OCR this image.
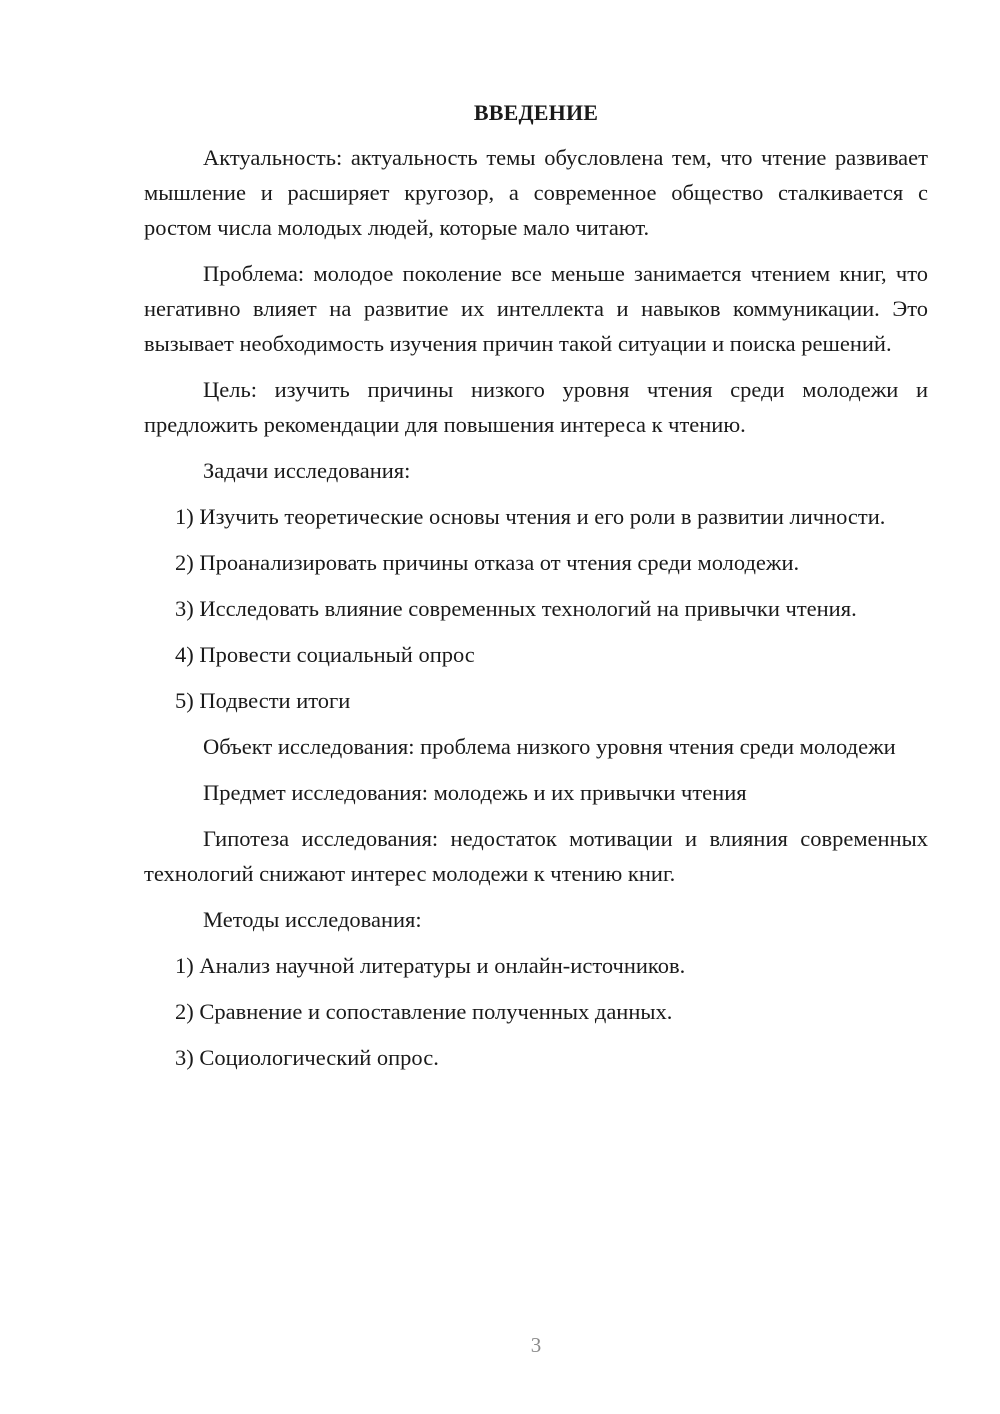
ВВЕДЕНИЕ

Актуальность: актуальность темы обусловлена тем, что чтение развивает мышление и расширяет кругозор, а современное общество сталкивается с ростом числа молодых людей, которые мало читают.

Проблема: молодое поколение все меньше занимается чтением книг, что негативно влияет на развитие их интеллекта и навыков коммуникации. Это вызывает необходимость изучения причин такой ситуации и поиска решений.

Цель: изучить причины низкого уровня чтения среди молодежи и предложить рекомендации для повышения интереса к чтению.

Задачи исследования:

1) Изучить теоретические основы чтения и его роли в развитии личности.

2) Проанализировать причины отказа от чтения среди молодежи.

3) Исследовать влияние современных технологий на привычки чтения.

4) Провести социальный опрос

5) Подвести итоги

Объект исследования: проблема низкого уровня чтения среди молодежи

Предмет исследования: молодежь и их привычки чтения

Гипотеза исследования: недостаток мотивации и влияния современных технологий снижают интерес молодежи к чтению книг.

Методы исследования:

1) Анализ научной литературы и онлайн-источников.

2) Сравнение и сопоставление полученных данных.

3) Социологический опрос.

3
